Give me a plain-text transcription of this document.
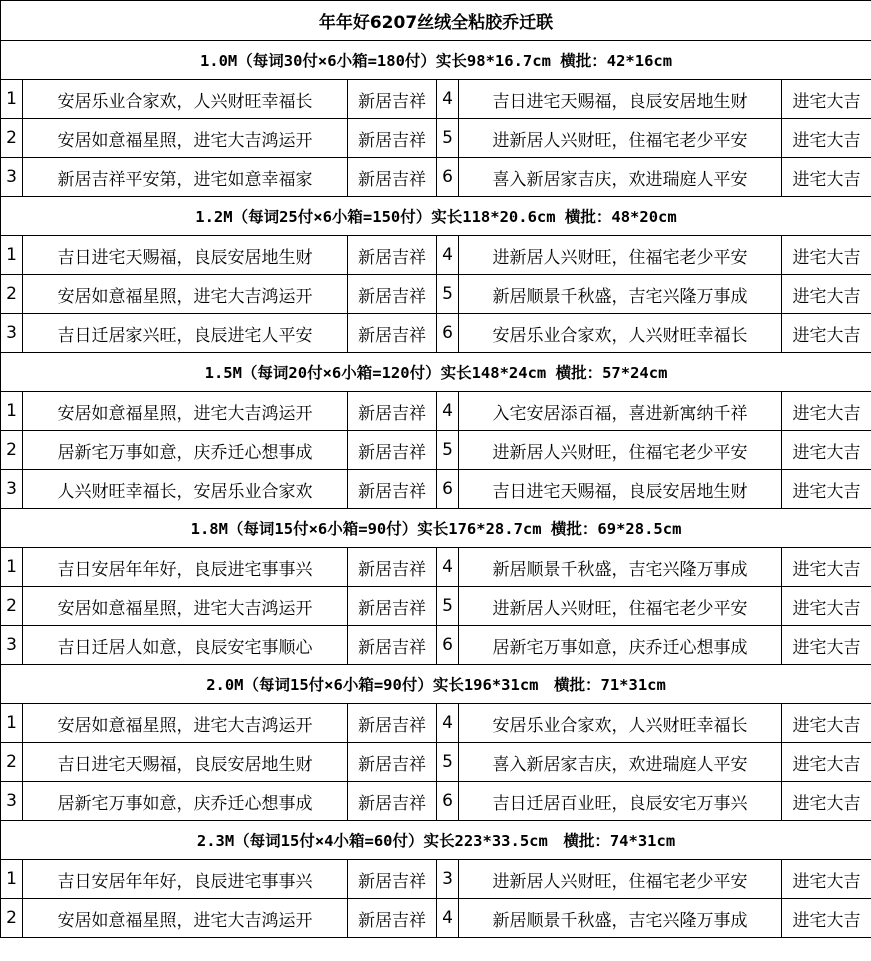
年年好6207丝绒全粘胶乔迁联					
1.0M（每词30付×6小箱=180付）实长98*16.7cm 横批：42*16cm					
1	安居乐业合家欢，人兴财旺幸福长	新居吉祥	4	吉日进宅天赐福，良辰安居地生财	进宅大吉
2	安居如意福星照，进宅大吉鸿运开	新居吉祥	5	进新居人兴财旺，住福宅老少平安	进宅大吉
3	新居吉祥平安第，进宅如意幸福家	新居吉祥	6	喜入新居家吉庆，欢进瑞庭人平安	进宅大吉
1.2M（每词25付×6小箱=150付）实长118*20.6cm 横批：48*20cm					
1	吉日进宅天赐福，良辰安居地生财	新居吉祥	4	进新居人兴财旺，住福宅老少平安	进宅大吉
2	安居如意福星照，进宅大吉鸿运开	新居吉祥	5	新居顺景千秋盛，吉宅兴隆万事成	进宅大吉
3	吉日迁居家兴旺，良辰进宅人平安	新居吉祥	6	安居乐业合家欢，人兴财旺幸福长	进宅大吉
1.5M（每词20付×6小箱=120付）实长148*24cm 横批：57*24cm					
1	安居如意福星照，进宅大吉鸿运开	新居吉祥	4	入宅安居添百福，喜进新寓纳千祥	进宅大吉
2	居新宅万事如意，庆乔迁心想事成	新居吉祥	5	进新居人兴财旺，住福宅老少平安	进宅大吉
3	人兴财旺幸福长，安居乐业合家欢	新居吉祥	6	吉日进宅天赐福，良辰安居地生财	进宅大吉
1.8M（每词15付×6小箱=90付）实长176*28.7cm 横批：69*28.5cm					
1	吉日安居年年好，良辰进宅事事兴	新居吉祥	4	新居顺景千秋盛，吉宅兴隆万事成	进宅大吉
2	安居如意福星照，进宅大吉鸿运开	新居吉祥	5	进新居人兴财旺，住福宅老少平安	进宅大吉
3	吉日迁居人如意，良辰安宅事顺心	新居吉祥	6	居新宅万事如意，庆乔迁心想事成	进宅大吉
2.0M（每词15付×6小箱=90付）实长196*31cm　横批：71*31cm					
1	安居如意福星照，进宅大吉鸿运开	新居吉祥	4	安居乐业合家欢，人兴财旺幸福长	进宅大吉
2	吉日进宅天赐福，良辰安居地生财	新居吉祥	5	喜入新居家吉庆，欢进瑞庭人平安	进宅大吉
3	居新宅万事如意，庆乔迁心想事成	新居吉祥	6	吉日迁居百业旺，良辰安宅万事兴	进宅大吉
2.3M（每词15付×4小箱=60付）实长223*33.5cm　横批：74*31cm					
1	吉日安居年年好，良辰进宅事事兴	新居吉祥	3	进新居人兴财旺，住福宅老少平安	进宅大吉
2	安居如意福星照，进宅大吉鸿运开	新居吉祥	4	新居顺景千秋盛，吉宅兴隆万事成	进宅大吉
